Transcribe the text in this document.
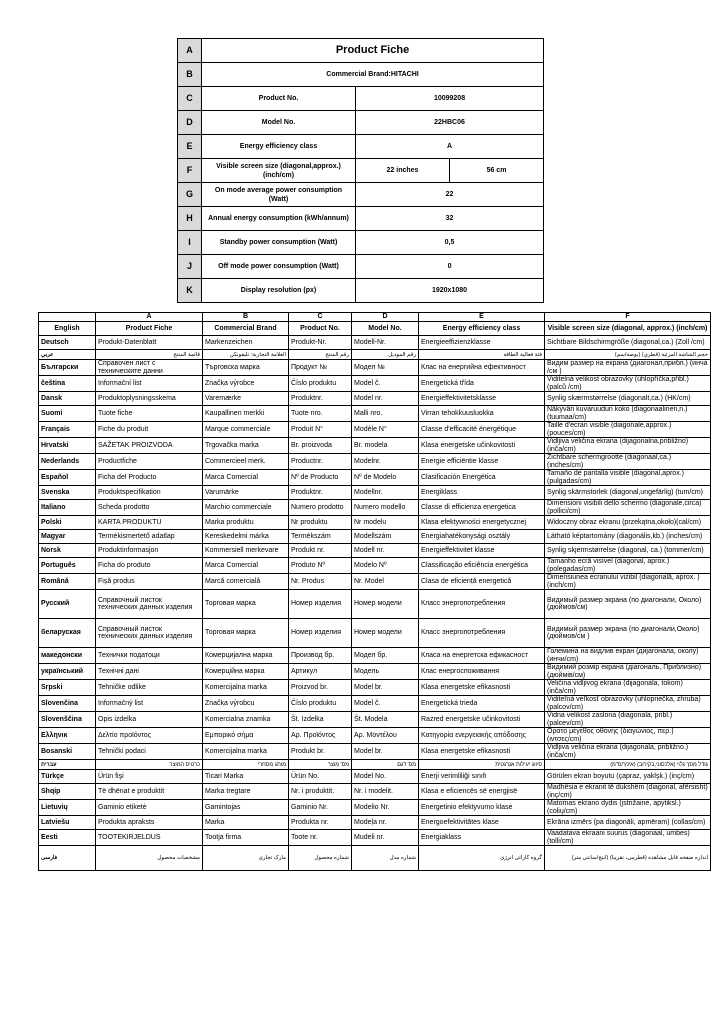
A	Product Fiche		
B	Commercial Brand:HITACHI		
C	Product No.	10099208	
D	Model No.	22HBC06	
E	Energy efficiency class	A	
F	Visible screen size (diagonal,approx.) (inch/cm)	22 inches	56 cm
G	On mode average power consumption (Watt)	22	
H	Annual energy consumption (kWh/annum)	32	
I	Standby power consumption (Watt)	0,5	
J	Off mode power consumption (Watt)	0	
K	Display resolution (px)	1920x1080	
	A	B	C	D	E	F
English	Product Fiche	Commercial Brand	Product No.	Model No.	Energy efficiency class	Visible screen size (diagonal, approx.) (inch/cm)
Deutsch	Produkt-Datenblatt	Markenzeichen	Produkt-Nr.	Modell-Nr.	Energieeffizienzklasse	Sichtbare Bildschirmgröße (diagonal,ca.) (Zoll /cm)
عربي	قائمة المنتج	العلامة التجارية: تليفونكن	رقم المنتج	رقم الموديل	فئة فعالية الطاقة	حجم الشاشة المرئية (قطري) (بوصة/سم)
Български	Справочен лист с техническите данни	Търговска марка	Продукт №	Модел №	Клас на енергийна ефективност	Видим размер на екрана (диагонал,прибл.) (инча /см )
čeština	Informační list	Značka výrobce	Číslo produktu	Model č.	Energetická třída	Viditelná velikost obrazovky (úhlopříčka,přibl.) (palců /cm)
Dansk	Produktoplysningsskema	Varemærke	Produktnr.	Model nr.	Energieffektivitetsklasse	Synlig skærmstørrelse (diagonalt,ca.) (HK/cm)
Suomi	Tuote fiche	Kaupallinen merkki	Tuote nro.	Malli nro.	Virran tehokkuusluokka	Näkyvän kuvaruudun koko (diagonaalinen,n.) (tuumaa/cm)
Français	Fiche du produit	Marque commerciale	Produit N°	Modèle N°	Classe d'efficacité énergétique	Taille d'écran visible (diagonale,approx.) (pouces/cm)
Hrvatski	SAŽETAK PROIZVODA	Trgovačka marka	Br. proizvoda	Br. modela	Klasa energetske učinkovitosti	Vidljiva veličina ekrana (dijagonalna,približno) (inča/cm)
Nederlands	Productfiche	Commercieel merk.	Productnr.	Modelnr.	Energie efficiëntie klasse	Zichtbare schermgrootte (diagonaal,ca.) (inches/cm)
Español	Ficha del Producto	Marca Comercial	Nº de Producto	Nº de Modelo	Clasificación Energética	Tamaño de pantalla visible (diagonal,aprox.) (pulgadas/cm)
Svenska	Produktspecifikation	Varumärke	Produktnr.	Modellnr.	Energiklass	Synlig skärmstorlek (diagonal,ungefärlig) (tum/cm)
Italiano	Scheda prodotto	Marchio commerciale	Numero prodotto	Numero modello	Classe di efficienza energetica	Dimensioni visibili dello schermo (diagonale,circa)(pollici/cm)
Polski	KARTA PRODUKTU	Marka produktu	Nr produktu	Nr modelu	Klasa efektywności energetycznej	Widoczny obraz ekranu (przekątna,około)(cal/cm)
Magyar	Termékismertető adatlap	Kereskedelmi márka	Termékszám	Modellszám	Energiahatékonysági osztály	Látható képtartomány (diagonális,kb.) (inches/cm)
Norsk	Produktinformasjon	Kommersiell merkevare	Produkt nr.	Modell nr.	Energieffektivitet klasse	Synlig skjermstørrelse (diagonal, ca.) (tommer/cm)
Português	Ficha do produto	Marca Comercial	Produto Nº	Modelo Nº	Classificação eficiência energética	Tamanho ecrã visível (diagonal, aprox.) (polegadas/cm)
Română	Fișă produs	Marcă comercială	Nr. Produs	Nr. Model	Clasa de eficiență energetică	Dimensiunea ecranului vizibil (diagonală, aprox. ) (inch/cm)
Русский	Справочный листок технических данных изделия	Торговая марка	Номер изделия	Номер модели	Класс энергопотребления	Видимый размер экрана (по диагонали, Около) (дюймов/см)
беларуская	Справочный листок технических данных изделия	Торговая марка	Номер изделия	Номер модели	Класс энергопотребления	Видимый размер экрана (по диагонали,Около)(дюймов/см )
македонски	Технички податоци	Комерцијална марка	Производ бр.	Модел бр.	Класа на енергетска ефикасност	Големина на видлив екран (дијагонала, околу) (инчи/cm)
український	Технічні дані	Комерційна марка	Артикул	Модель	Клас енергоспоживання	Видимий розмір екрана (діагональ, Приблизно) (дюймів/см)
Srpski	Tehničke odlike	Komercijalna marka	Proizvod br.	Model br.	Klasa energetske efikasnosti	Veličina vidljivog ekrana (dijagonala, tokom) (inča/cm)
Slovenčina	Informačný list	Značka výrobcu	Číslo produktu	Model č.	Energetická trieda	Viditeľná veľkosť obrazovky (uhlopriečka, zhruba) (palcov/cm)
Slovenščina	Opis izdelka	Komercialna znamka	Št. Izdelka	Št. Modela	Razred energetske učinkovitosti	Vidna velikost zaslona (diagonala, pribl.) (palcev/cm)
Ελληνικ	Δελτίο προϊόντος	Εμπορικό σήμα	Αρ. Προϊόντος	Αρ. Μοντέλου	Κατηγορία ενεργειακής απόδοσης	Ορατό μέγεθος οθόνης (διαγώνιος, περ.) (ιντσες/cm)
Bosanski	Tehnički podaci	Komercijalna marka	Produkt br.	Model br.	Klasa energetske efikasnosti	Vidljiva veličina ekrana (dijagonala, približno.) (inča/cm)
עברית	כרטיס המוצר	מותג מסחרי	מס' מוצר	מס' דגם	סיווג יעילות אנרגטית	גודל מסך גלוי (אלכסוני,בקירוב) (אינץ'/ס"מ)
Türkçe	Ürün fişi	Ticari Marka	Ürün No.	Model No.	Enerji verimliliği sınıfı	Görülen ekran boyutu (çapraz, yaklşk.) (inç/cm)
Shqip	Të dhënat e produktit	Marka tregtare	Nr. i produktit.	Nr. i modelit.	Klasa e eficiencës së energjisë	Madhësia e ekranit të dukshëm (diagonal, afërsisht) (inç/cm)
Lietuvių	Gaminio etiketė	Gamintojas	Gaminio Nr.	Modelio Nr.	Energetinio efektyvumo klasė	Matomas ekrano dydis (įstrižainė, apytiksl.) (colių/cm)
Latviešu	Produkta apraksts	Marka	Produkta nr.	Modeļa nr.	Energoefektivitātes klase	Ekrāna izmērs (pa diagonāli, apmēram) (collas/cm)
Eesti	TOOTEKIRJELDUS	Tootja firma	Toote nr.	Mudeli nr.	Energiaklass	Vaadatava ekraani suurus (diagonaal, umbes) (tolli/cm)
فارسی	مشخصات محصول	مارک تجاری	شماره محصول	شماره مدل	گروه کارائی انرژی	اندازه صفحه قابل مشاهده (قطرمی، تقریبا) (اینچ/سانتی متر)
